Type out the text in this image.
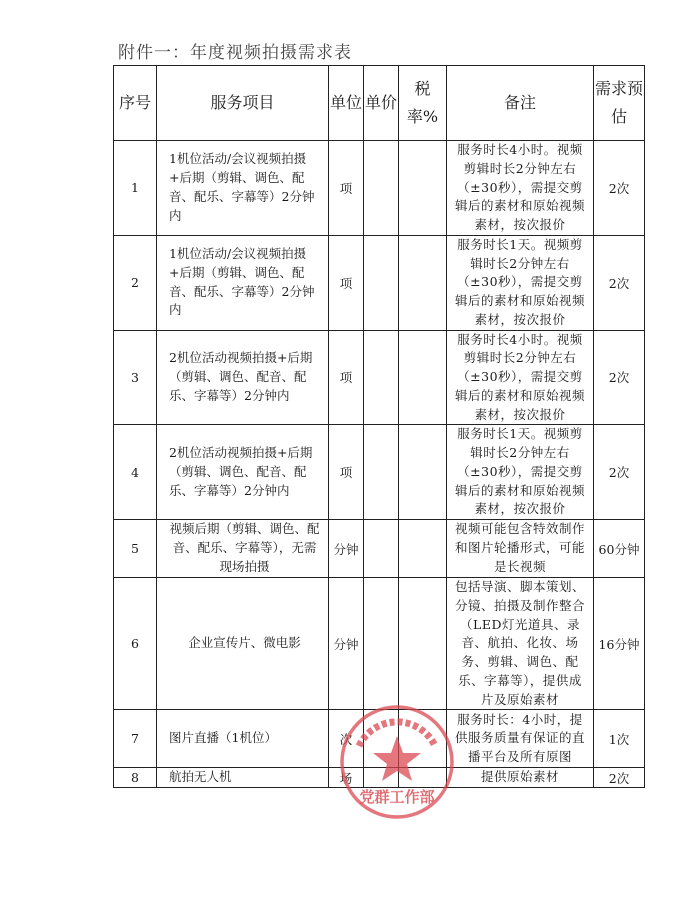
附件一：年度视频拍摄需求表
序号	服务项目	单位	单价	税率%	备注	需求预估
1	1机位活动/会议视频拍摄+后期（剪辑、调色、配音、配乐、字幕等）2分钟内	项			服务时长4小时。视频剪辑时长2分钟左右（±30秒），需提交剪辑后的素材和原始视频素材，按次报价	2次
2	1机位活动/会议视频拍摄+后期（剪辑、调色、配音、配乐、字幕等）2分钟内	项			服务时长1天。视频剪辑时长2分钟左右（±30秒），需提交剪辑后的素材和原始视频素材，按次报价	2次
3	2机位活动视频拍摄+后期（剪辑、调色、配音、配乐、字幕等）2分钟内	项			服务时长4小时。视频剪辑时长2分钟左右（±30秒），需提交剪辑后的素材和原始视频素材，按次报价	2次
4	2机位活动视频拍摄+后期（剪辑、调色、配音、配乐、字幕等）2分钟内	项			服务时长1天。视频剪辑时长2分钟左右（±30秒），需提交剪辑后的素材和原始视频素材，按次报价	2次
5	视频后期（剪辑、调色、配音、配乐、字幕等），无需现场拍摄	分钟			视频可能包含特效制作和图片轮播形式，可能是长视频	60分钟
6	企业宣传片、微电影	分钟			包括导演、脚本策划、分镜、拍摄及制作整合（LED灯光道具、录音、航拍、化妆、场务、剪辑、调色、配乐、字幕等），提供成片及原始素材	16分钟
7	图片直播（1机位）	次			服务时长：4小时，提供服务质量有保证的直播平台及所有原图	1次
8	航拍无人机	场			提供原始素材	2次
党群工作部
